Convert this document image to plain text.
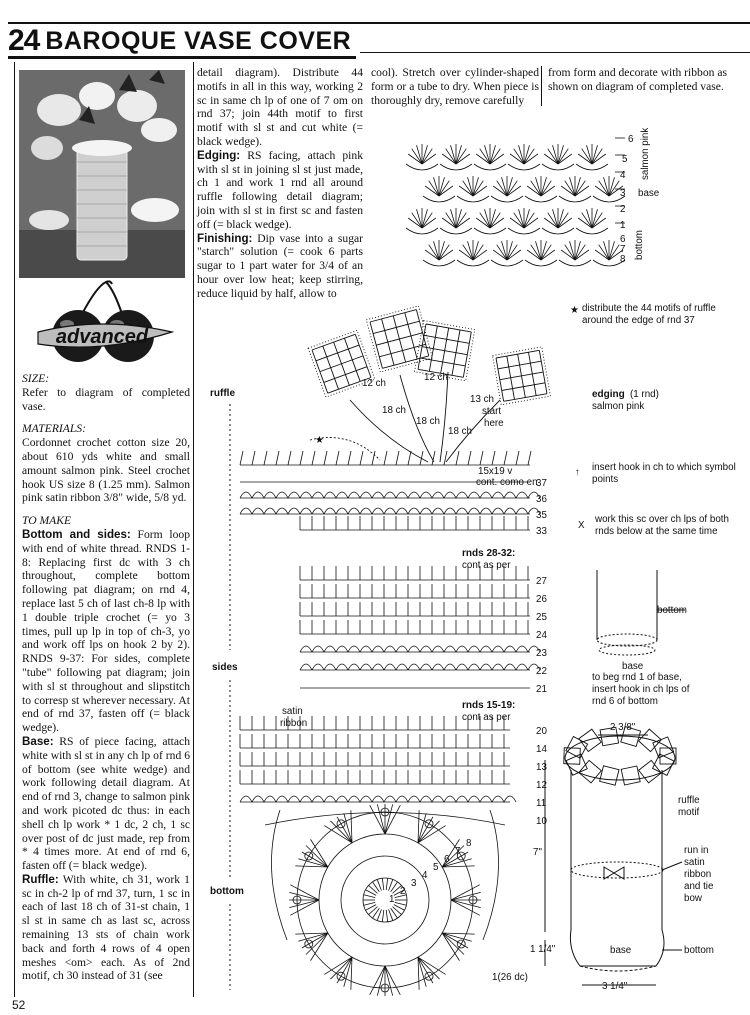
24 BAROQUE VASE COVER
advanced

SIZE:

Refer to diagram of completed vase.

MATERIALS:

Cordonnet crochet cotton size 20, about 610 yds white and small amount salmon pink. Steel crochet hook US size 8 (1.25 mm). Salmon pink satin ribbon 3/8" wide, 5/8 yd.

TO MAKE

Bottom and sides: Form loop with end of white thread. RNDS 1-8: Replacing first dc with 3 ch throughout, complete bottom following pat diagram; on rnd 4, replace last 5 ch of last ch-8 lp with 1 double triple crochet (= yo 3 times, pull up lp in top of ch-3, yo and work off lps on hook 2 by 2). RNDS 9-37: For sides, complete "tube" following pat diagram; join with sl st throughout and slipstitch to corresp st wherever necessary. At end of rnd 37, fasten off (= black wedge).

Base: RS of piece facing, attach white with sl st in any ch lp of rnd 6 of bottom (see white wedge) and work following detail diagram. At end of rnd 3, change to salmon pink and work picoted dc thus: in each shell ch lp work * 1 dc, 2 ch, 1 sc over post of dc just made, rep from * 4 times more. At end of rnd 6, fasten off (= black wedge).

Ruffle: With white, ch 31, work 1 sc in ch-2 lp of rnd 37, turn, 1 sc in each of last 18 ch of 31-st chain, 1 sl st in same ch as last sc, across remaining 13 sts of chain work back and forth 4 rows of 4 open meshes <om> each. As of 2nd motif, ch 30 instead of 31 (see

detail diagram). Distribute 44 motifs in all in this way, working 2 sc in same ch lp of one of 7 om on rnd 37; join 44th motif to first motif with sl st and cut white (= black wedge).

Edging: RS facing, attach pink with sl st in joining sl st just made, ch 1 and work 1 rnd all around ruffle following detail diagram; join with sl st in first sc and fasten off (= black wedge).

Finishing: Dip vase into a sugar "starch" solution (= cook 6 parts sugar to 1 part water for 3/4 of an hour over low heat; keep stirring, reduce liquid by half, allow to

cool). Stretch over cylinder-shaped form or a tube to dry. When piece is thoroughly dry, remove carefully

from form and decorate with ribbon as shown on diagram of completed vase.

6
5
4
3
2
1
6
7
8
salmon pink
base
bottom
★ distribute the 44 motifs of ruffle around the edge of rnd 37
edging (1 rnd)
salmon pink
↑ insert hook in ch to which symbol points
X
work this sc over ch lps of both rnds below at the same time
bottom
base
to beg rnd 1 of base, insert hook in ch lps of rnd 6 of bottom
2 3/8"
ruffle
motif
7"	run in
satin
ribbon
and tie
bow
1 1/4"	base	bottom
3 1/4"
ruffle
sides
bottom
12 ch
12 ch
18 ch
18 ch
18 ch
13 ch
start
here
15x19 v
cont. como en
★
37
36
35
33
27
26
25
24
23
22
21
20
14
13
12
11
10
rnds 28-32:
cont as per
rnds 15-19:
cont as per
satin
ribbon
1
2
3
4
5
6
7
8
1(26 dc)
52
